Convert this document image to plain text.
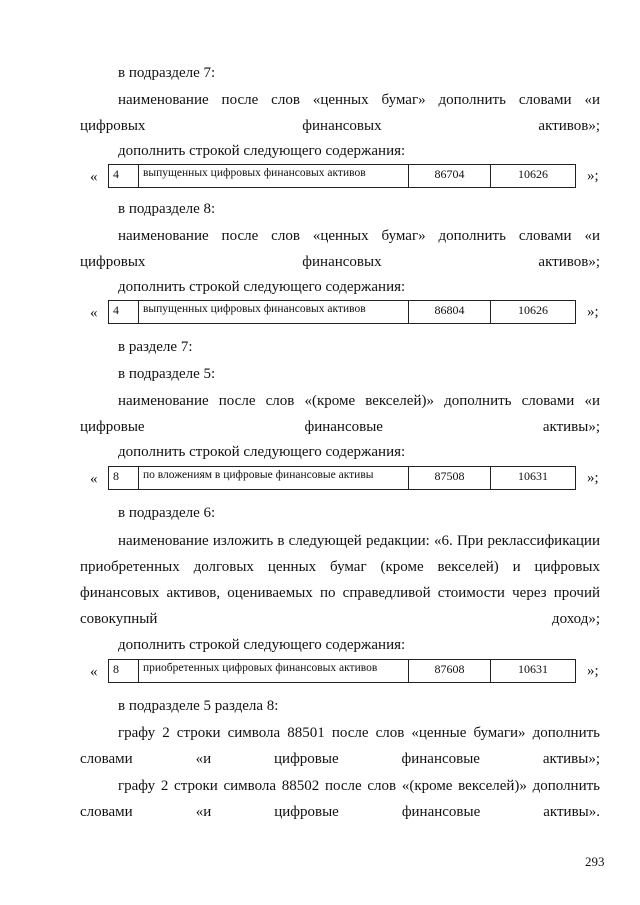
в подразделе 7:
наименование после слов «ценных бумаг» дополнить словами «и цифровых финансовых активов»;
дополнить строкой следующего содержания:
«	4	выпущенных цифровых финансовых активов	86704	10626	»;
в подразделе 8:
наименование после слов «ценных бумаг» дополнить словами «и цифровых финансовых активов»;
дополнить строкой следующего содержания:
«	4	выпущенных цифровых финансовых активов	86804	10626	»;
в разделе 7:
в подразделе 5:
наименование после слов «(кроме векселей)» дополнить словами «и цифровые финансовые активы»;
дополнить строкой следующего содержания:
«	8	по вложениям в цифровые финансовые активы	87508	10631	»;
в подразделе 6:
наименование изложить в следующей редакции: «6. При реклассификации приобретенных долговых ценных бумаг (кроме векселей) и цифровых финансовых активов, оцениваемых по справедливой стоимости через прочий совокупный доход»;
дополнить строкой следующего содержания:
«	8	приобретенных цифровых финансовых активов	87608	10631	»;
в подразделе 5 раздела 8:
графу 2 строки символа 88501 после слов «ценные бумаги» дополнить словами «и цифровые финансовые активы»;
графу 2 строки символа 88502 после слов «(кроме векселей)» дополнить словами «и цифровые финансовые активы».
293
